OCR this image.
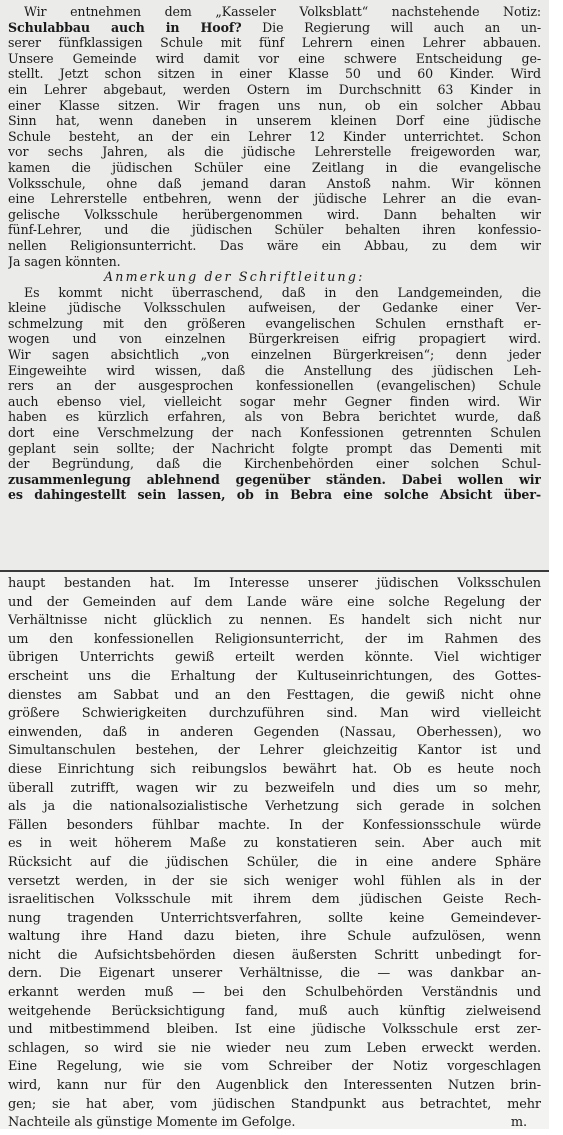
Wir entnehmen dem „Kasseler Volksblatt“ nachstehende Notiz:
Schulabbau auch in Hoof? Die Regierung will auch an un-
serer fünfklassigen Schule mit fünf Lehrern einen Lehrer abbauen.
Unsere Gemeinde wird damit vor eine schwere Entscheidung ge-
stellt. Jetzt schon sitzen in einer Klasse 50 und 60 Kinder. Wird
ein Lehrer abgebaut, werden Ostern im Durchschnitt 63 Kinder in
einer Klasse sitzen. Wir fragen uns nun, ob ein solcher Abbau
Sinn hat, wenn daneben in unserem kleinen Dorf eine jüdische
Schule besteht, an der ein Lehrer 12 Kinder unterrichtet. Schon
vor sechs Jahren, als die jüdische Lehrerstelle freigeworden war,
kamen die jüdischen Schüler eine Zeitlang in die evangelische
Volksschule, ohne daß jemand daran Anstoß nahm. Wir können
eine Lehrerstelle entbehren, wenn der jüdische Lehrer an die evan-
gelische Volksschule herübergenommen wird. Dann behalten wir
fünf-Lehrer, und die jüdischen Schüler behalten ihren konfessio-
nellen Religionsunterricht. Das wäre ein Abbau, zu dem wir
Ja sagen könnten.
Anmerkung der Schriftleitung:
Es kommt nicht überraschend, daß in den Landgemeinden, die
kleine jüdische Volksschulen aufweisen, der Gedanke einer Ver-
schmelzung mit den größeren evangelischen Schulen ernsthaft er-
wogen und von einzelnen Bürgerkreisen eifrig propagiert wird.
Wir sagen absichtlich „von einzelnen Bürgerkreisen“; denn jeder
Eingeweihte wird wissen, daß die Anstellung des jüdischen Leh-
rers an der ausgesprochen konfessionellen (evangelischen) Schule
auch ebenso viel, vielleicht sogar mehr Gegner finden wird. Wir
haben es kürzlich erfahren, als von Bebra berichtet wurde, daß
dort eine Verschmelzung der nach Konfessionen getrennten Schulen
geplant sein sollte; der Nachricht folgte prompt das Dementi mit
der Begründung, daß die Kirchenbehörden einer solchen Schul-
zusammenlegung ablehnend gegenüber ständen. Dabei wollen wir
es dahingestellt sein lassen, ob in Bebra eine solche Absicht über-
haupt bestanden hat. Im Interesse unserer jüdischen Volksschulen
und der Gemeinden auf dem Lande wäre eine solche Regelung der
Verhältnisse nicht glücklich zu nennen. Es handelt sich nicht nur
um den konfessionellen Religionsunterricht, der im Rahmen des
übrigen Unterrichts gewiß erteilt werden könnte. Viel wichtiger
erscheint uns die Erhaltung der Kultuseinrichtungen, des Gottes-
dienstes am Sabbat und an den Festtagen, die gewiß nicht ohne
größere Schwierigkeiten durchzuführen sind. Man wird vielleicht
einwenden, daß in anderen Gegenden (Nassau, Oberhessen), wo
Simultanschulen bestehen, der Lehrer gleichzeitig Kantor ist und
diese Einrichtung sich reibungslos bewährt hat. Ob es heute noch
überall zutrifft, wagen wir zu bezweifeln und dies um so mehr,
als ja die nationalsozialistische Verhetzung sich gerade in solchen
Fällen besonders fühlbar machte. In der Konfessionsschule würde
es in weit höherem Maße zu konstatieren sein. Aber auch mit
Rücksicht auf die jüdischen Schüler, die in eine andere Sphäre
versetzt werden, in der sie sich weniger wohl fühlen als in der
israelitischen Volksschule mit ihrem dem jüdischen Geiste Rech-
nung tragenden Unterrichtsverfahren, sollte keine Gemeindever-
waltung ihre Hand dazu bieten, ihre Schule aufzulösen, wenn
nicht die Aufsichtsbehörden diesen äußersten Schritt unbedingt for-
dern. Die Eigenart unserer Verhältnisse, die — was dankbar an-
erkannt werden muß — bei den Schulbehörden Verständnis und
weitgehende Berücksichtigung fand, muß auch künftig zielweisend
und mitbestimmend bleiben. Ist eine jüdische Volksschule erst zer-
schlagen, so wird sie nie wieder neu zum Leben erweckt werden.
Eine Regelung, wie sie vom Schreiber der Notiz vorgeschlagen
wird, kann nur für den Augenblick den Interessenten Nutzen brin-
gen; sie hat aber, vom jüdischen Standpunkt aus betrachtet, mehr
Nachteile als günstige Momente im Gefolge.	m.
